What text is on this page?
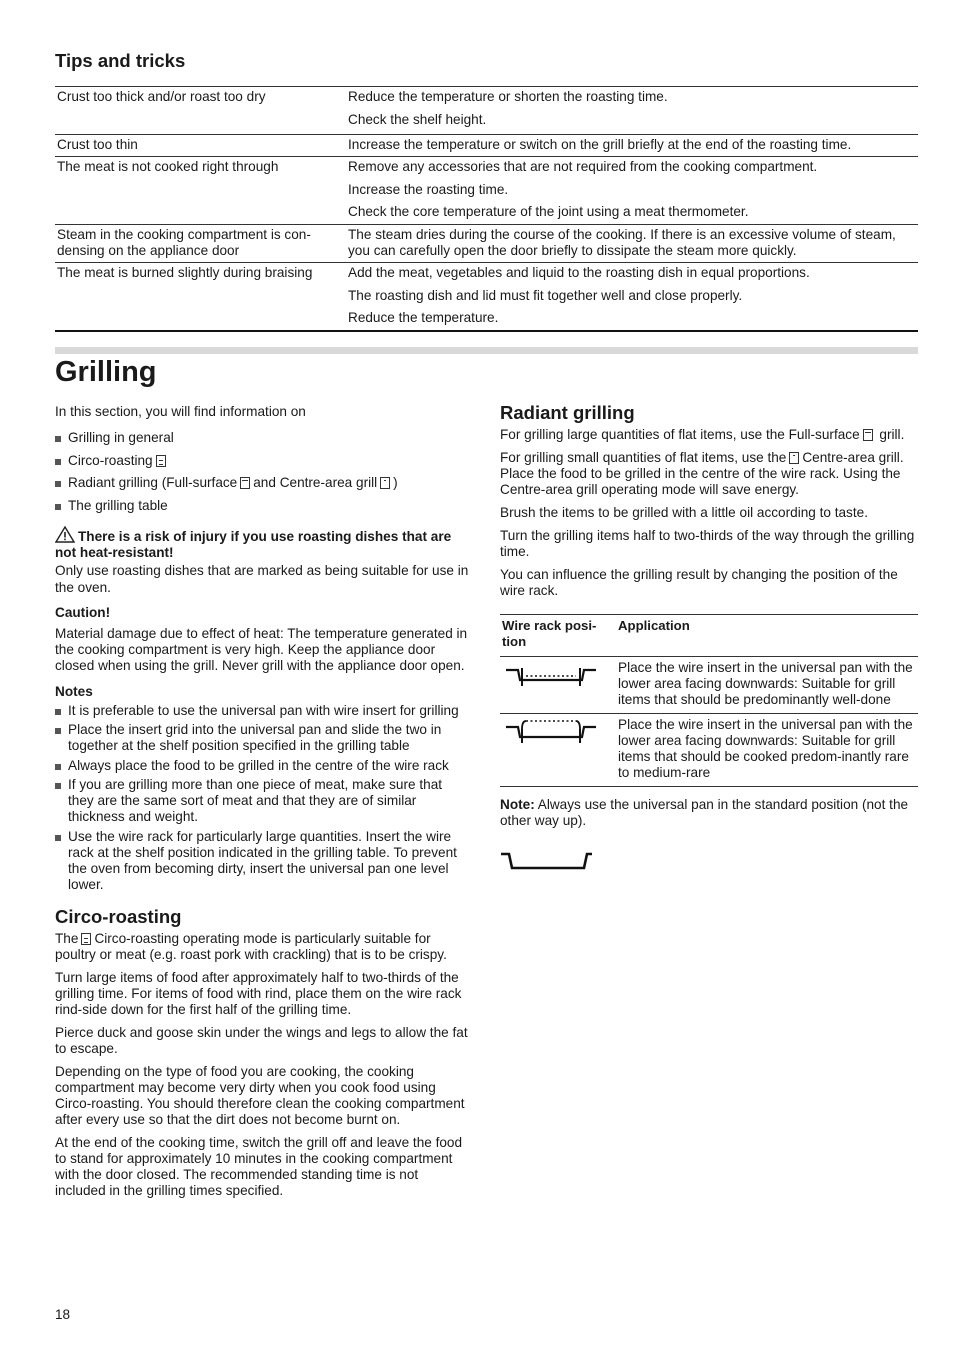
Tips and tricks
Crust too thick and/or roast too dry	Reduce the temperature or shorten the roasting time.

Check the shelf height.

Crust too thin	Increase the temperature or switch on the grill briefly at the end of the roasting time.

The meat is not cooked right through	Remove any accessories that are not required from the cooking compartment.

Increase the roasting time.

Check the core temperature of the joint using a meat thermometer.

Steam in the cooking compartment is con-densing on the appliance door	The steam dries during the course of the cooking. If there is an excessive volume of steam, you can carefully open the door briefly to dissipate the steam more quickly.

The meat is burned slightly during braising	Add the meat, vegetables and liquid to the roasting dish in equal proportions.

The roasting dish and lid must fit together well and close properly.

Reduce the temperature.

Grilling

In this section, you will find information on

Grilling in general
Circo-roasting
Radiant grilling (Full-surface and Centre-area grill )
The grilling table

There is a risk of injury if you use roasting dishes that are not heat-resistant!

Only use roasting dishes that are marked as being suitable for use in the oven.

Caution!

Material damage due to effect of heat: The temperature generated in the cooking compartment is very high. Keep the appliance door closed when using the grill. Never grill with the appliance door open.

Notes

It is preferable to use the universal pan with wire insert for grilling
Place the insert grid into the universal pan and slide the two in together at the shelf position specified in the grilling table
Always place the food to be grilled in the centre of the wire rack
If you are grilling more than one piece of meat, make sure that they are the same sort of meat and that they are of similar thickness and weight.
Use the wire rack for particularly large quantities. Insert the wire rack at the shelf position indicated in the grilling table. To prevent the oven from becoming dirty, insert the universal pan one level lower.
Circo-roasting

The Circo-roasting operating mode is particularly suitable for poultry or meat (e.g. roast pork with crackling) that is to be crispy.

Turn large items of food after approximately half to two-thirds of the grilling time. For items of food with rind, place them on the wire rack rind-side down for the first half of the grilling time.

Pierce duck and goose skin under the wings and legs to allow the fat to escape.

Depending on the type of food you are cooking, the cooking compartment may become very dirty when you cook food using Circo-roasting. You should therefore clean the cooking compartment after every use so that the dirt does not become burnt on.

At the end of the cooking time, switch the grill off and leave the food to stand for approximately 10 minutes in the cooking compartment with the door closed. The recommended standing time is not included in the grilling times specified.

Radiant grilling

For grilling large quantities of flat items, use the Full-surface grill.

For grilling small quantities of flat items, use the Centre-area grill. Place the food to be grilled in the centre of the wire rack. Using the Centre-area grill operating mode will save energy.

Brush the items to be grilled with a little oil according to taste.

Turn the grilling items half to two-thirds of the way through the grilling time.

You can influence the grilling result by changing the position of the wire rack.

Wire rack posi-tion	Application
	Place the wire insert in the universal pan with the lower area facing downwards: Suitable for grill items that should be predominantly well-done
	Place the wire insert in the universal pan with the lower area facing downwards: Suitable for grill items that should be cooked predom-inantly rare to medium-rare

Note: Always use the universal pan in the standard position (not the other way up).

18
